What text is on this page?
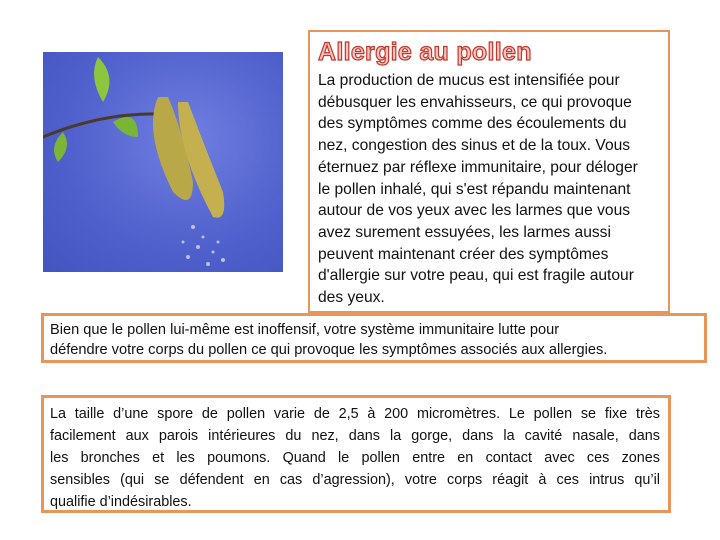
Allergie au pollen
La production de mucus est intensifiée pour
débusquer les envahisseurs, ce qui provoque
des symptômes comme des écoulements du
nez, congestion des sinus et de la toux. Vous
éternuez par réflexe immunitaire, pour déloger
le pollen inhalé, qui s'est répandu maintenant
autour de vos yeux avec les larmes que vous
avez surement essuyées, les larmes aussi
peuvent maintenant créer des symptômes
d'allergie sur votre peau, qui est fragile autour
des yeux.
Bien que le pollen lui-même est inoffensif, votre système immunitaire lutte pour
défendre votre corps du pollen ce qui provoque les symptômes associés aux allergies.
La taille d’une spore de pollen varie de 2,5 à 200 micromètres. Le pollen se fixe très
facilement aux parois intérieures du nez, dans la gorge, dans la cavité nasale, dans
les bronches et les poumons. Quand le pollen entre en contact avec ces zones
sensibles (qui se défendent en cas d’agression), votre corps réagit à ces intrus qu’il
qualifie d’indésirables.
